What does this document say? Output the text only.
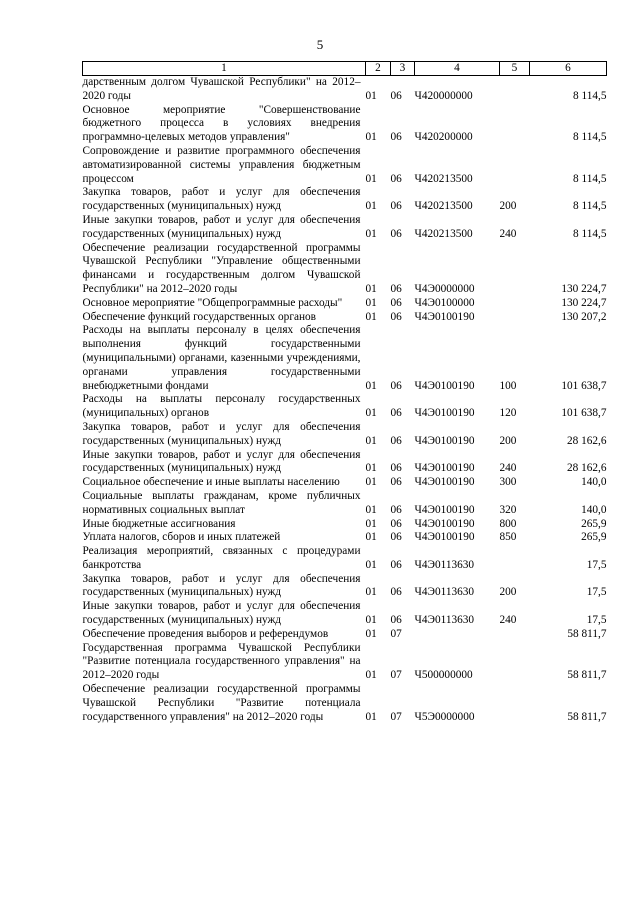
5
1	2	3	4	5	6
дарственным долгом Чувашской Республики" на 2012–2020 годы	01	06	Ч420000000		8 114,5
Основное мероприятие "Совершенствование бюджетного процесса в условиях внедрения программно-целевых методов управления"	01	06	Ч420200000		8 114,5
Сопровождение и развитие программного обеспечения автоматизированной системы управления бюджетным процессом	01	06	Ч420213500		8 114,5
Закупка товаров, работ и услуг для обеспечения государственных (муниципальных) нужд	01	06	Ч420213500	200	8 114,5
Иные закупки товаров, работ и услуг для обеспечения государственных (муниципальных) нужд	01	06	Ч420213500	240	8 114,5
Обеспечение реализации государственной программы Чувашской Республики "Управление общественными финансами и государственным долгом Чувашской Республики" на 2012–2020 годы	01	06	Ч4Э0000000		130 224,7
Основное мероприятие "Общепрограммные расходы"	01	06	Ч4Э0100000		130 224,7
Обеспечение функций государственных органов	01	06	Ч4Э0100190		130 207,2
Расходы на выплаты персоналу в целях обеспечения выполнения функций государственными (муниципальными) органами, казенными учреждениями, органами управления государственными внебюджетными фондами	01	06	Ч4Э0100190	100	101 638,7
Расходы на выплаты персоналу государственных (муниципальных) органов	01	06	Ч4Э0100190	120	101 638,7
Закупка товаров, работ и услуг для обеспечения государственных (муниципальных) нужд	01	06	Ч4Э0100190	200	28 162,6
Иные закупки товаров, работ и услуг для обеспечения государственных (муниципальных) нужд	01	06	Ч4Э0100190	240	28 162,6
Социальное обеспечение и иные выплаты населению	01	06	Ч4Э0100190	300	140,0
Социальные выплаты гражданам, кроме публичных нормативных социальных выплат	01	06	Ч4Э0100190	320	140,0
Иные бюджетные ассигнования	01	06	Ч4Э0100190	800	265,9
Уплата налогов, сборов и иных платежей	01	06	Ч4Э0100190	850	265,9
Реализация мероприятий, связанных с процедурами банкротства	01	06	Ч4Э0113630		17,5
Закупка товаров, работ и услуг для обеспечения государственных (муниципальных) нужд	01	06	Ч4Э0113630	200	17,5
Иные закупки товаров, работ и услуг для обеспечения государственных (муниципальных) нужд	01	06	Ч4Э0113630	240	17,5
Обеспечение проведения выборов и референдумов	01	07			58 811,7
Государственная программа Чувашской Республики "Развитие потенциала государственного управления" на 2012–2020 годы	01	07	Ч500000000		58 811,7
Обеспечение реализации государственной программы Чувашской Республики "Развитие потенциала государственного управления" на 2012–2020 годы	01	07	Ч5Э0000000		58 811,7
